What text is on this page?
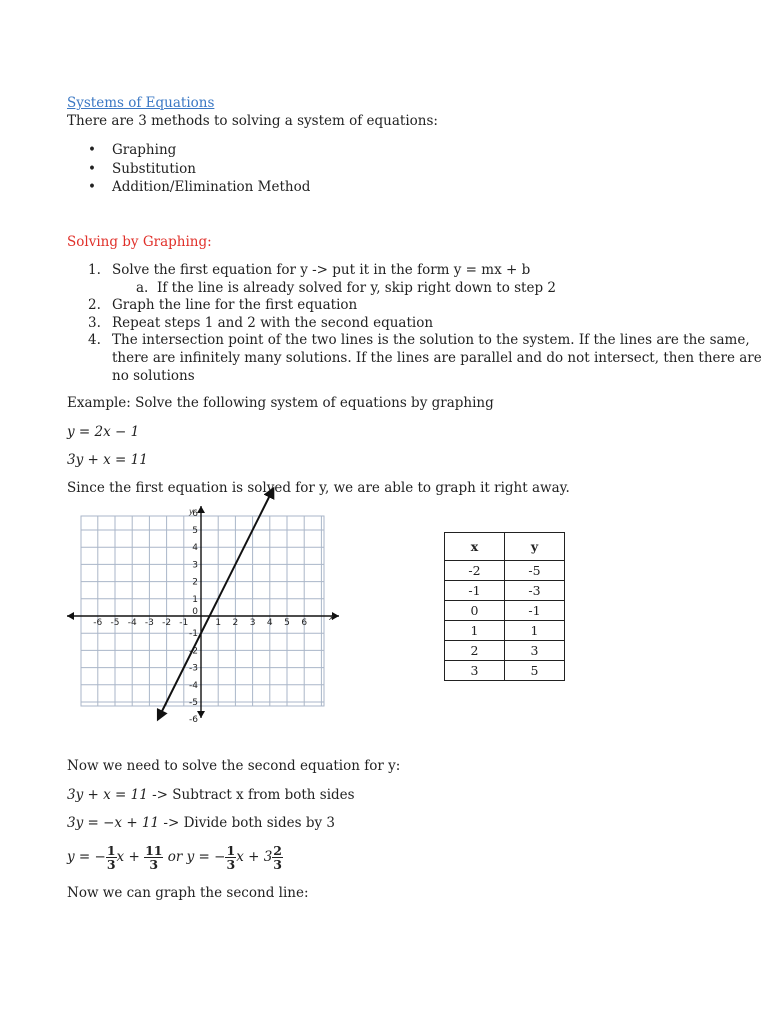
Systems of Equations
There are 3 methods to solving a system of equations:
• Graphing
• Substitution
• Addition/Elimination Method
Solving by Graphing:
1. Solve the first equation for y -> put it in the form y = mx + b
a. If the line is already solved for y, skip right down to step 2
2. Graph the line for the first equation
3. Repeat steps 1 and 2 with the second equation
4. The intersection point of the two lines is the solution to the system. If the lines are the same,
there are infinitely many solutions. If the lines are parallel and do not intersect, then there are
no solutions
Example: Solve the following system of equations by graphing
y = 2x − 1
3y + x = 11
Since the first equation is solved for y, we are able to graph it right away.
x
y
-6 -5 -4 -3 -2 -1	1 2 3 4 5 6
6
5
4
3
2
1
-1
-2
-3
-4
-5
-6
0
x	y
-2	-5
-1	-3
0	-1
1	1
2	3
3	5
Now we need to solve the second equation for y:
3y + x = 11 -> Subtract x from both sides
3y = −x + 11 -> Divide both sides by 3
y = − $\frac{1}{3}$ $x + \frac{11}{3}$ or y = − $\frac{1}{3}$ $x + 3 \frac{2}{3}$
Now we can graph the second line:
